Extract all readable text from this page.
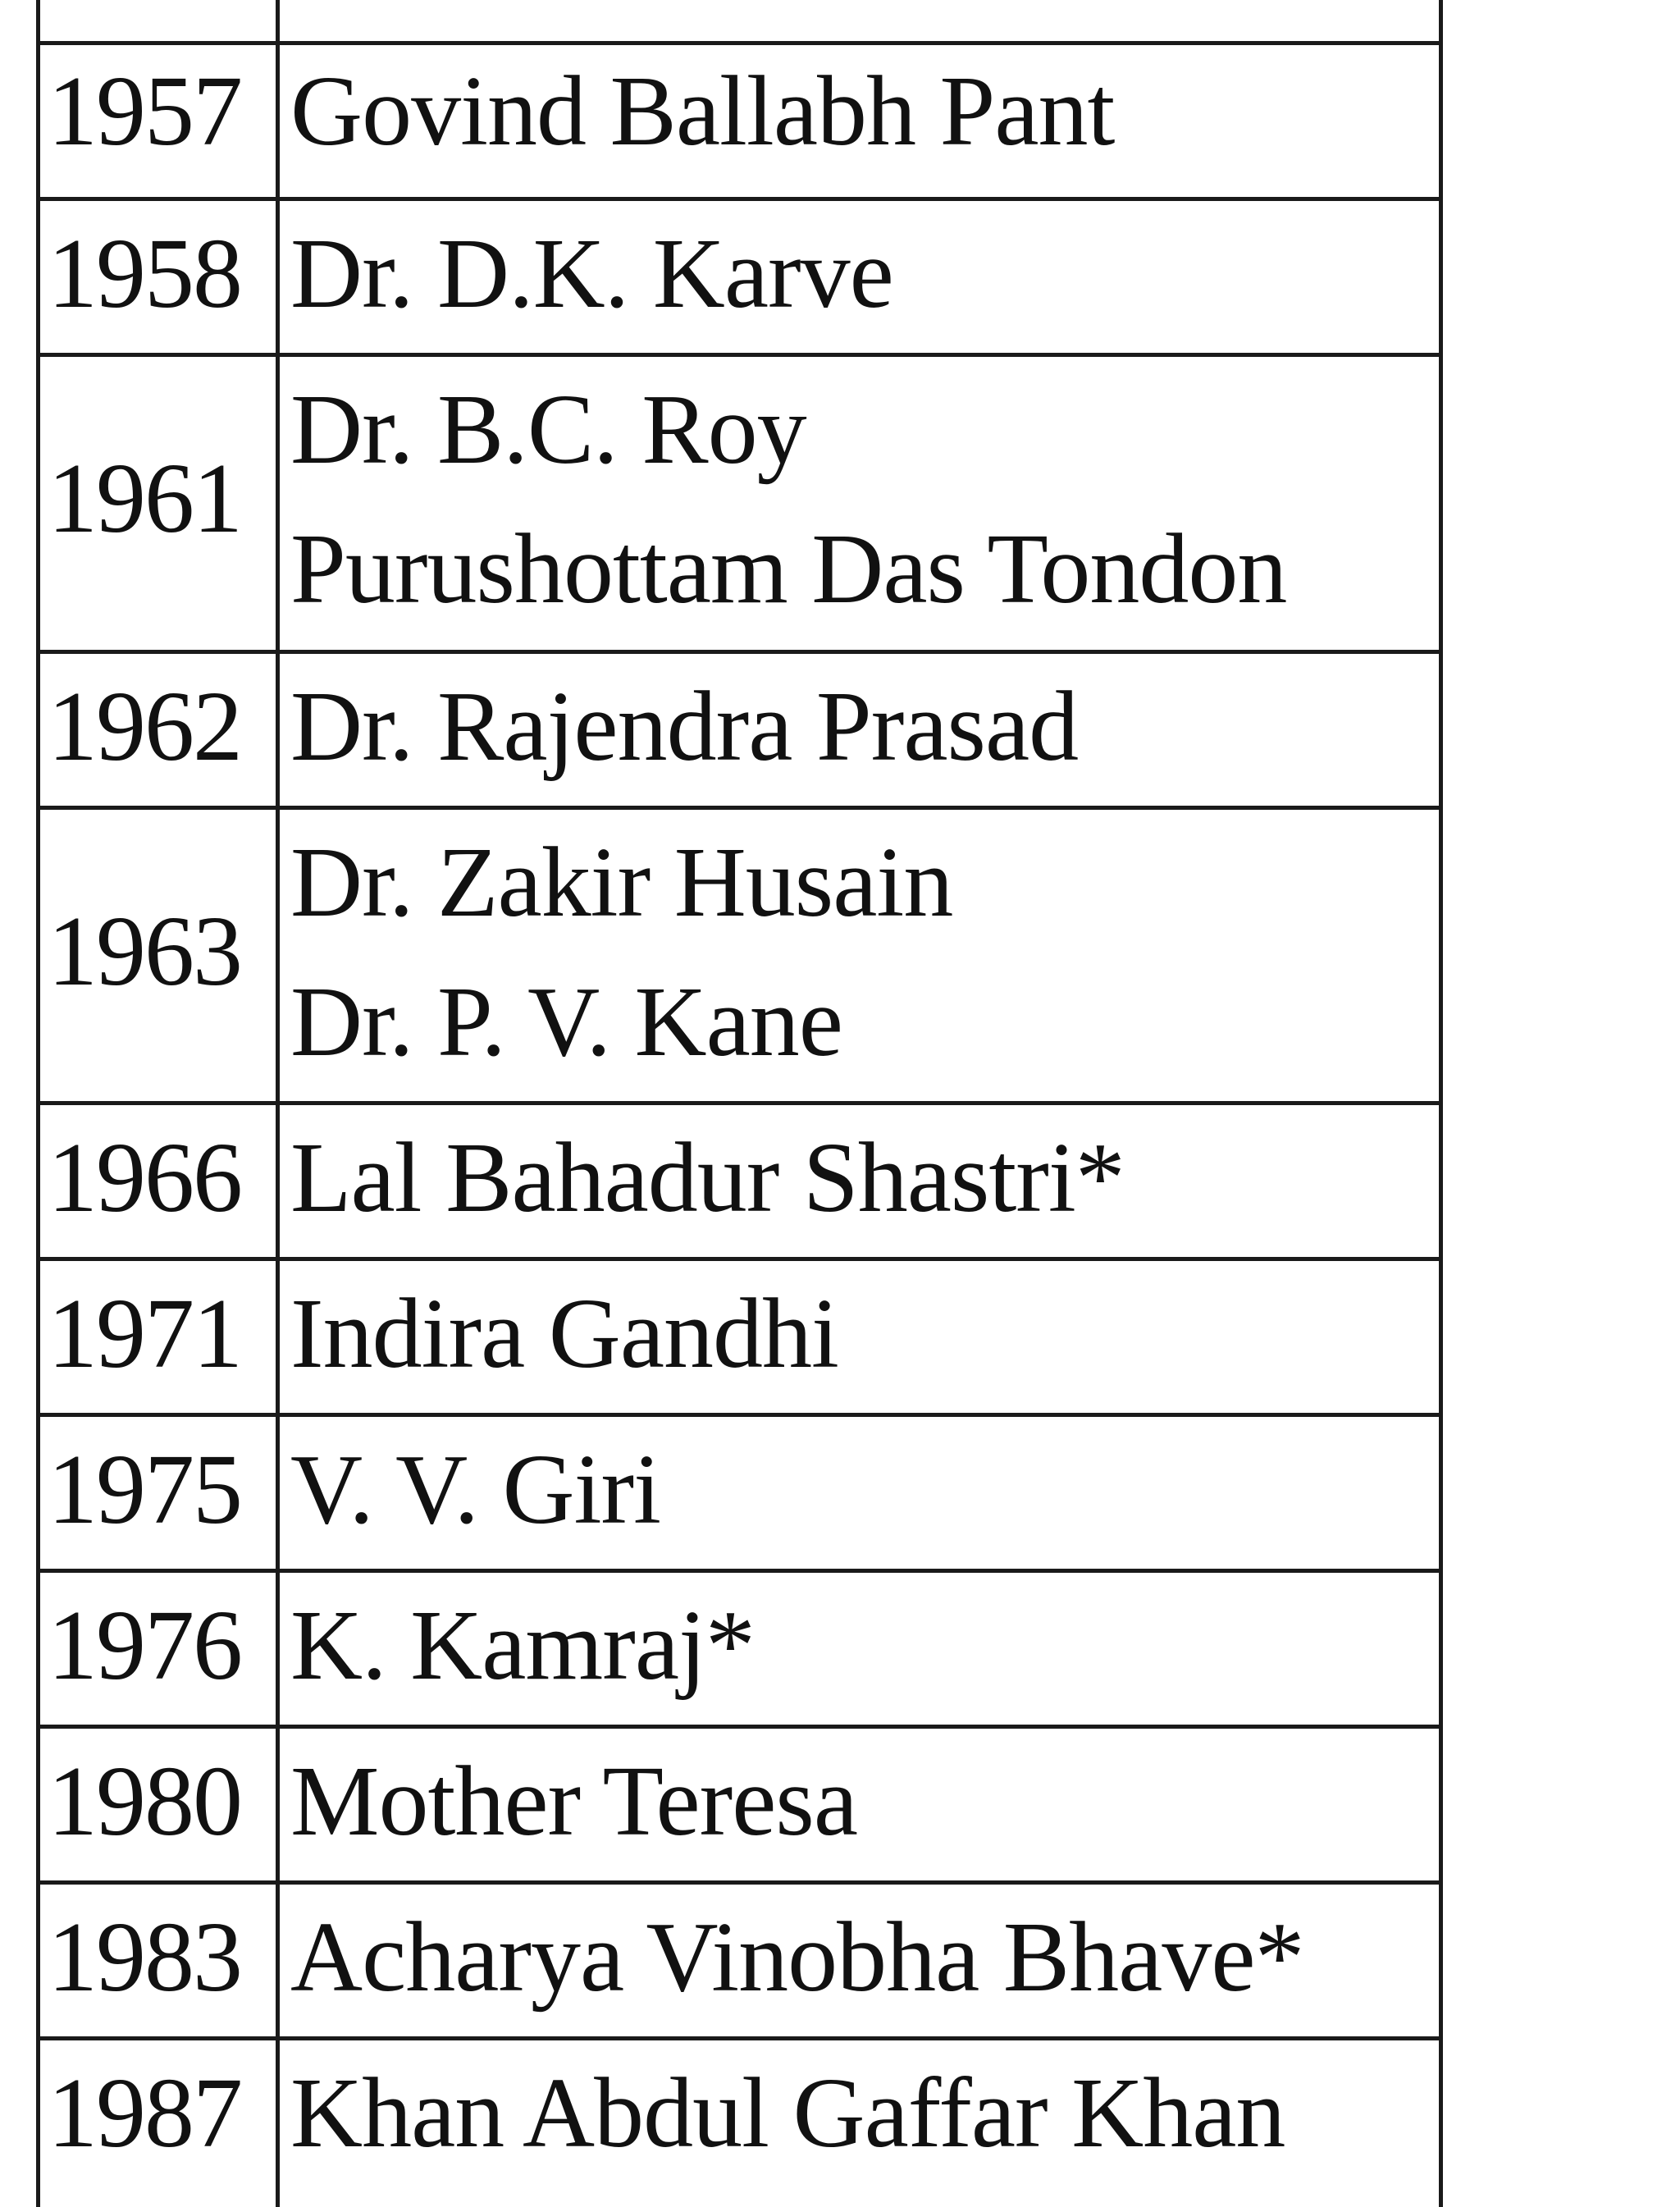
1957 Govind Ballabh Pant
1958 Dr. D.K. Karve
1961
Dr. B.C. Roy
Purushottam Das Tondon
1962 Dr. Rajendra Prasad
1963
Dr. Zakir Husain
Dr. P. V. Kane
1966 Lal Bahadur Shastri*
1971 Indira Gandhi
1975 V. V. Giri
1976 K. Kamraj*
1980 Mother Teresa
1983 Acharya Vinobha Bhave*
1987 Khan Abdul Gaffar Khan
